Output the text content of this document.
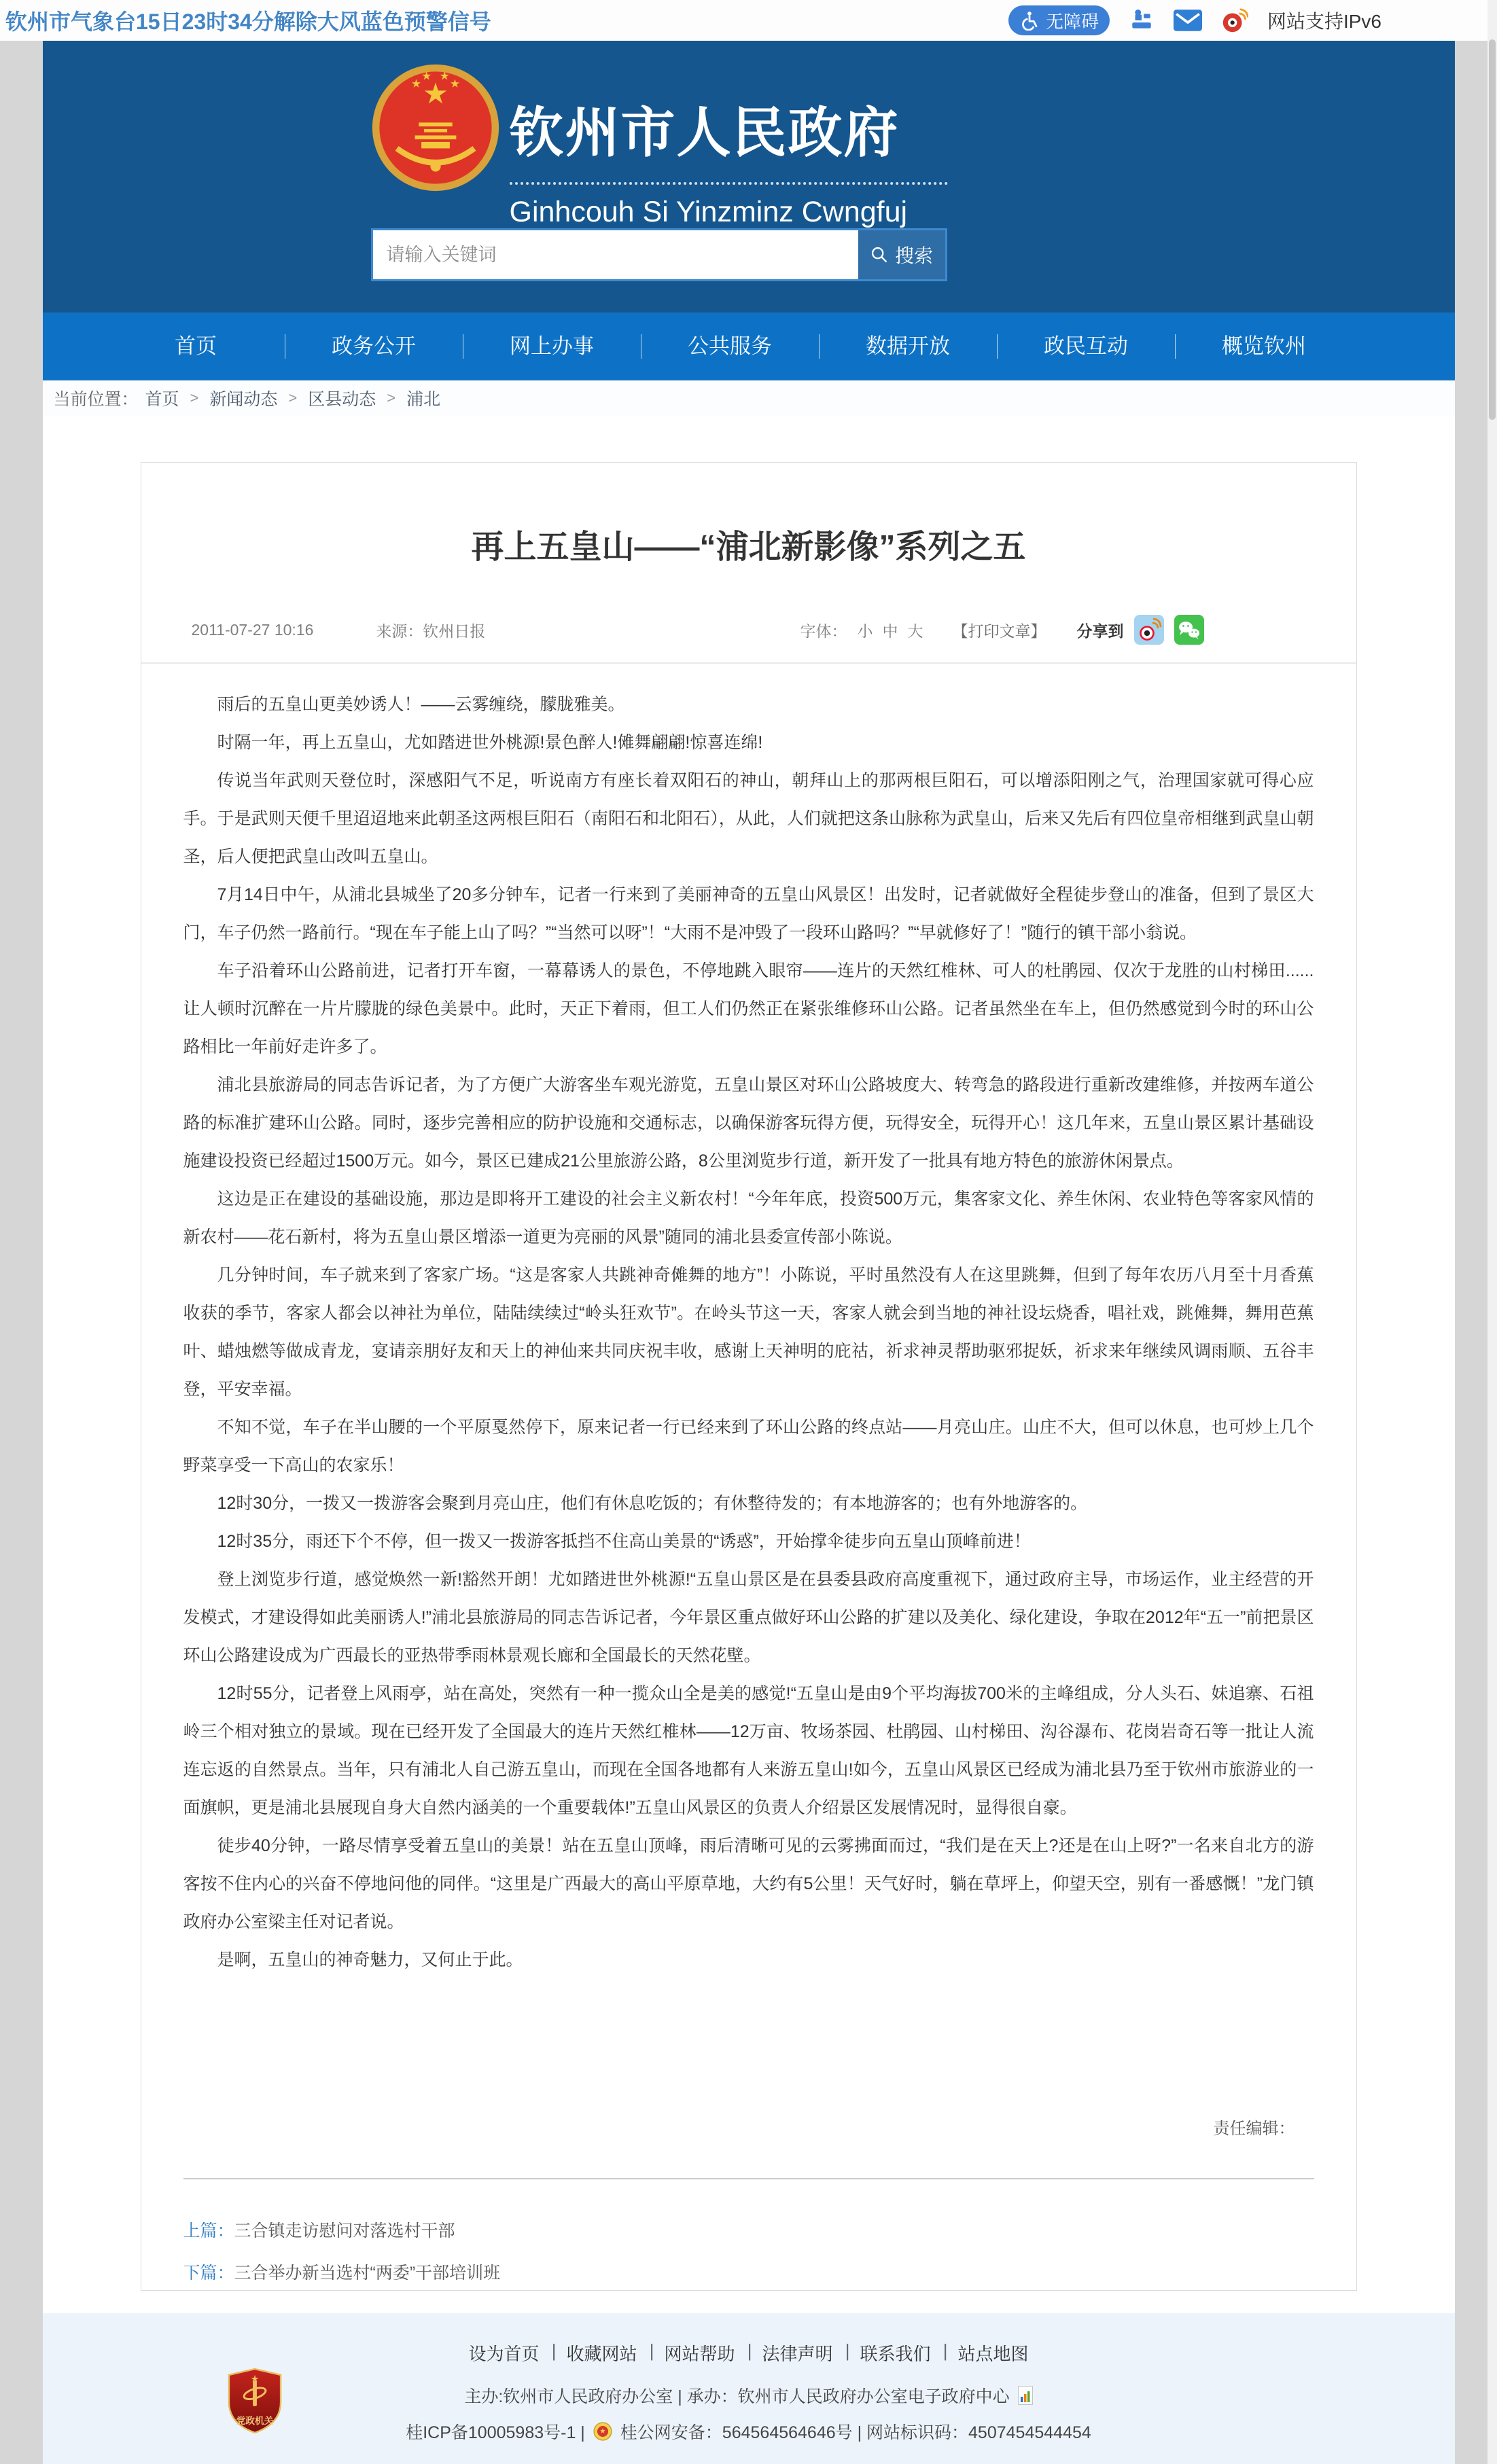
钦州市气象台15日23时34分解除大风蓝色预警信号	无障碍	网站支持IPv6
钦州市人民政府
Ginhcouh Si Yinzminz Cwngfuj
请输入关键词
搜索
首页	政务公开	网上办事	公共服务	数据开放	政民互动	概览钦州
当前位置： 首页	> 新闻动态	> 区县动态	> 浦北
再上五皇山——“浦北新影像”系列之五
2011-07-27 10:16	来源：钦州日报	字体： 小 中 大 【打印文章】 分享到

雨后的五皇山更美妙诱人！——云雾缠绕，朦胧雅美。

时隔一年，再上五皇山，尤如踏进世外桃源!景色醉人!傩舞翩翩!惊喜连绵!

传说当年武则天登位时，深感阳气不足，听说南方有座长着双阳石的神山，朝拜山上的那两根巨阳石，可以增添阳刚之气，治理国家就可得心应手。于是武则天便千里迢迢地来此朝圣这两根巨阳石（南阳石和北阳石），从此，人们就把这条山脉称为武皇山，后来又先后有四位皇帝相继到武皇山朝圣，后人便把武皇山改叫五皇山。

7月14日中午，从浦北县城坐了20多分钟车，记者一行来到了美丽神奇的五皇山风景区！出发时，记者就做好全程徒步登山的准备，但到了景区大门，车子仍然一路前行。“现在车子能上山了吗？”“当然可以呀”！“大雨不是冲毁了一段环山路吗？”“早就修好了！”随行的镇干部小翁说。

车子沿着环山公路前进，记者打开车窗，一幕幕诱人的景色，不停地跳入眼帘——连片的天然红椎林、可人的杜鹃园、仅次于龙胜的山村梯田......让人顿时沉醉在一片片朦胧的绿色美景中。此时，天正下着雨，但工人们仍然正在紧张维修环山公路。记者虽然坐在车上，但仍然感觉到今时的环山公路相比一年前好走许多了。

浦北县旅游局的同志告诉记者，为了方便广大游客坐车观光游览，五皇山景区对环山公路坡度大、转弯急的路段进行重新改建维修，并按两车道公路的标准扩建环山公路。同时，逐步完善相应的防护设施和交通标志，以确保游客玩得方便，玩得安全，玩得开心！这几年来，五皇山景区累计基础设施建设投资已经超过1500万元。如今，景区已建成21公里旅游公路，8公里浏览步行道，新开发了一批具有地方特色的旅游休闲景点。

这边是正在建设的基础设施，那边是即将开工建设的社会主义新农村！“今年年底，投资500万元，集客家文化、养生休闲、农业特色等客家风情的新农村——花石新村，将为五皇山景区增添一道更为亮丽的风景”随同的浦北县委宣传部小陈说。

几分钟时间，车子就来到了客家广场。“这是客家人共跳神奇傩舞的地方”！小陈说，平时虽然没有人在这里跳舞，但到了每年农历八月至十月香蕉收获的季节，客家人都会以神社为单位，陆陆续续过“岭头狂欢节”。在岭头节这一天，客家人就会到当地的神社设坛烧香，唱社戏，跳傩舞，舞用芭蕉叶、蜡烛燃等做成青龙，宴请亲朋好友和天上的神仙来共同庆祝丰收，感谢上天神明的庇祜，祈求神灵帮助驱邪捉妖，祈求来年继续风调雨顺、五谷丰登，平安幸福。

不知不觉，车子在半山腰的一个平原戛然停下，原来记者一行已经来到了环山公路的终点站——月亮山庄。山庄不大，但可以休息，也可炒上几个野菜享受一下高山的农家乐！

12时30分，一拨又一拨游客会聚到月亮山庄，他们有休息吃饭的；有休整待发的；有本地游客的；也有外地游客的。

12时35分，雨还下个不停，但一拨又一拨游客抵挡不住高山美景的“诱惑”，开始撑伞徒步向五皇山顶峰前进！

登上浏览步行道，感觉焕然一新!豁然开朗！尤如踏进世外桃源!“五皇山景区是在县委县政府高度重视下，通过政府主导，市场运作，业主经营的开发模式，才建设得如此美丽诱人!”浦北县旅游局的同志告诉记者，今年景区重点做好环山公路的扩建以及美化、绿化建设，争取在2012年“五一”前把景区环山公路建设成为广西最长的亚热带季雨林景观长廊和全国最长的天然花壁。

12时55分，记者登上风雨亭，站在高处，突然有一种一揽众山全是美的感觉!“五皇山是由9个平均海拔700米的主峰组成，分人头石、妹追寨、石祖岭三个相对独立的景域。现在已经开发了全国最大的连片天然红椎林——12万亩、牧场茶园、杜鹃园、山村梯田、沟谷瀑布、花岗岩奇石等一批让人流连忘返的自然景点。当年，只有浦北人自己游五皇山，而现在全国各地都有人来游五皇山!如今，五皇山风景区已经成为浦北县乃至于钦州市旅游业的一面旗帜，更是浦北县展现自身大自然内涵美的一个重要载体!”五皇山风景区的负责人介绍景区发展情况时，显得很自豪。

徒步40分钟，一路尽情享受着五皇山的美景！站在五皇山顶峰，雨后清晰可见的云雾拂面而过，“我们是在天上?还是在山上呀?”一名来自北方的游客按不住内心的兴奋不停地问他的同伴。“这里是广西最大的高山平原草地，大约有5公里！天气好时，躺在草坪上，仰望天空，别有一番感慨！”龙门镇政府办公室梁主任对记者说。

是啊，五皇山的神奇魅力，又何止于此。

责任编辑：
上篇： 三合镇走访慰问对落选村干部
下篇： 三合举办新当选村“两委”干部培训班
党政机关
设为首页 |	收藏网站 |	网站帮助 |	法律声明 |	联系我们 |	站点地图
主办:钦州市人民政府办公室 | 承办：钦州市人民政府办公室电子政府中心
桂ICP备10005983号-1 | 桂公网安备：564564564646号 | 网站标识码：4507454544454
